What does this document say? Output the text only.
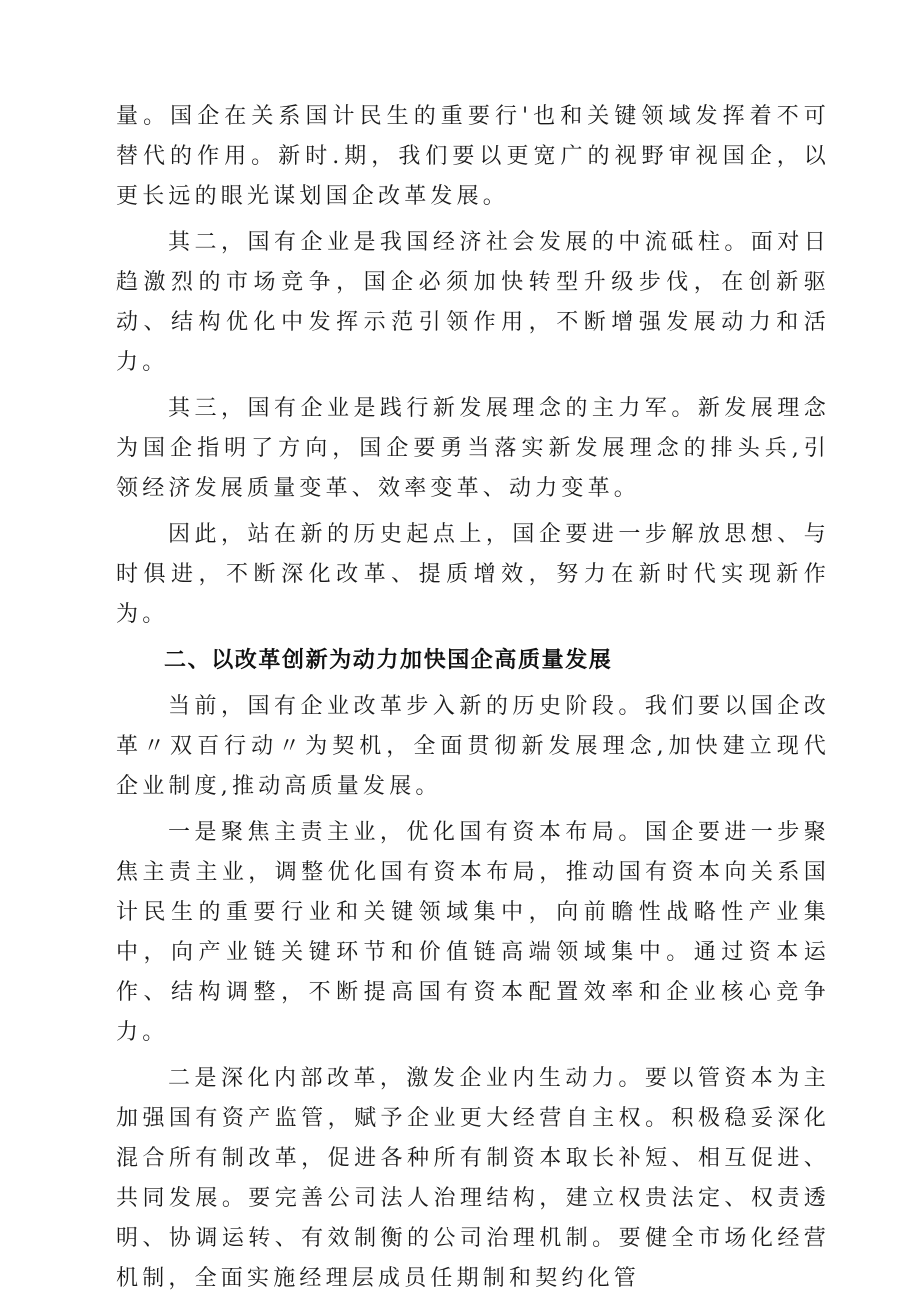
量。国企在关系国计民生的重要行'也和关键领域发挥着不可替代的作用。新时.期，我们要以更宽广的视野审视国企，以更长远的眼光谋划国企改革发展。

其二，国有企业是我国经济社会发展的中流砥柱。面对日趋激烈的市场竞争，国企必须加快转型升级步伐，在创新驱动、结构优化中发挥示范引领作用，不断增强发展动力和活力。

其三，国有企业是践行新发展理念的主力军。新发展理念为国企指明了方向，国企要勇当落实新发展理念的排头兵,引领经济发展质量变革、效率变革、动力变革。

因此，站在新的历史起点上，国企要进一步解放思想、与时俱进，不断深化改革、提质增效，努力在新时代实现新作为。

二、以改革创新为动力加快国企高质量发展

当前，国有企业改革步入新的历史阶段。我们要以国企改革〃双百行动〃为契机，全面贯彻新发展理念,加快建立现代企业制度,推动高质量发展。

一是聚焦主责主业，优化国有资本布局。国企要进一步聚焦主责主业，调整优化国有资本布局，推动国有资本向关系国计民生的重要行业和关键领域集中，向前瞻性战略性产业集中，向产业链关键环节和价值链高端领域集中。通过资本运作、结构调整，不断提高国有资本配置效率和企业核心竞争力。

二是深化内部改革，激发企业内生动力。要以管资本为主加强国有资产监管，赋予企业更大经营自主权。积极稳妥深化混合所有制改革，促进各种所有制资本取长补短、相互促进、共同发展。要完善公司法人治理结构，建立权贵法定、权责透明、协调运转、有效制衡的公司治理机制。要健全市场化经营机制，全面实施经理层成员任期制和契约化管
